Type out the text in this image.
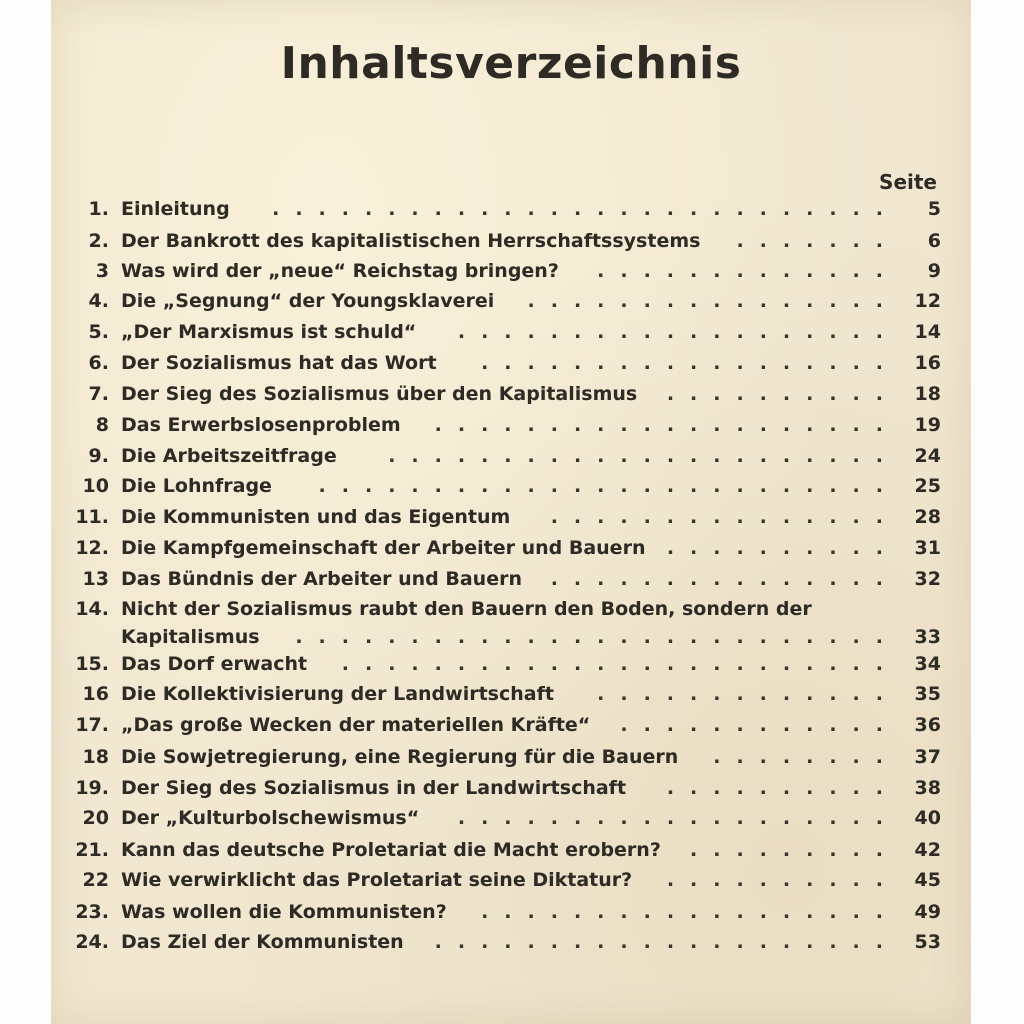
Inhaltsverzeichnis
Seite
1. Einleitung ...........................	5
2. Der Bankrott des kapitalistischen Herrschaftssystems .......	6
3 Was wird der „neue“ Reichstag bringen? .............	9
4. Die „Segnung“ der Youngsklaverei ................ 12
5. „Der Marxismus ist schuld“ ................... 14
6. Der Sozialismus hat das Wort .................. 16
7. Der Sieg des Sozialismus über den Kapitalismus .......... 18
8 Das Erwerbslosenproblem .................... 19
9. Die Arbeitszeitfrage	...................... 24
10 Die Lohnfrage ......................... 25
11. Die Kommunisten und das Eigentum ............... 28
12. Die Kampfgemeinschaft der Arbeiter und Bauern .......... 31
13 Das Bündnis der Arbeiter und Bauern ............... 32
14. Nicht der Sozialismus raubt den Bauern den Boden, sondern der
Kapitalismus .......................... 33
15. Das Dorf erwacht ........................ 34
16 Die Kollektivisierung der Landwirtschaft ............. 35
17. „Das große Wecken der materiellen Kräfte“ ............ 36
18 Die Sowjetregierung, eine Regierung für die Bauern ........ 37
19. Der Sieg des Sozialismus in der Landwirtschaft .......... 38
20 Der „Kulturbolschewismus“ ................... 40
21. Kann das deutsche Proletariat die Macht erobern? ......... 42
22 Wie verwirklicht das Proletariat seine Diktatur? .......... 45
23. Was wollen die Kommunisten? .................. 49
24. Das Ziel der Kommunisten .................... 53
